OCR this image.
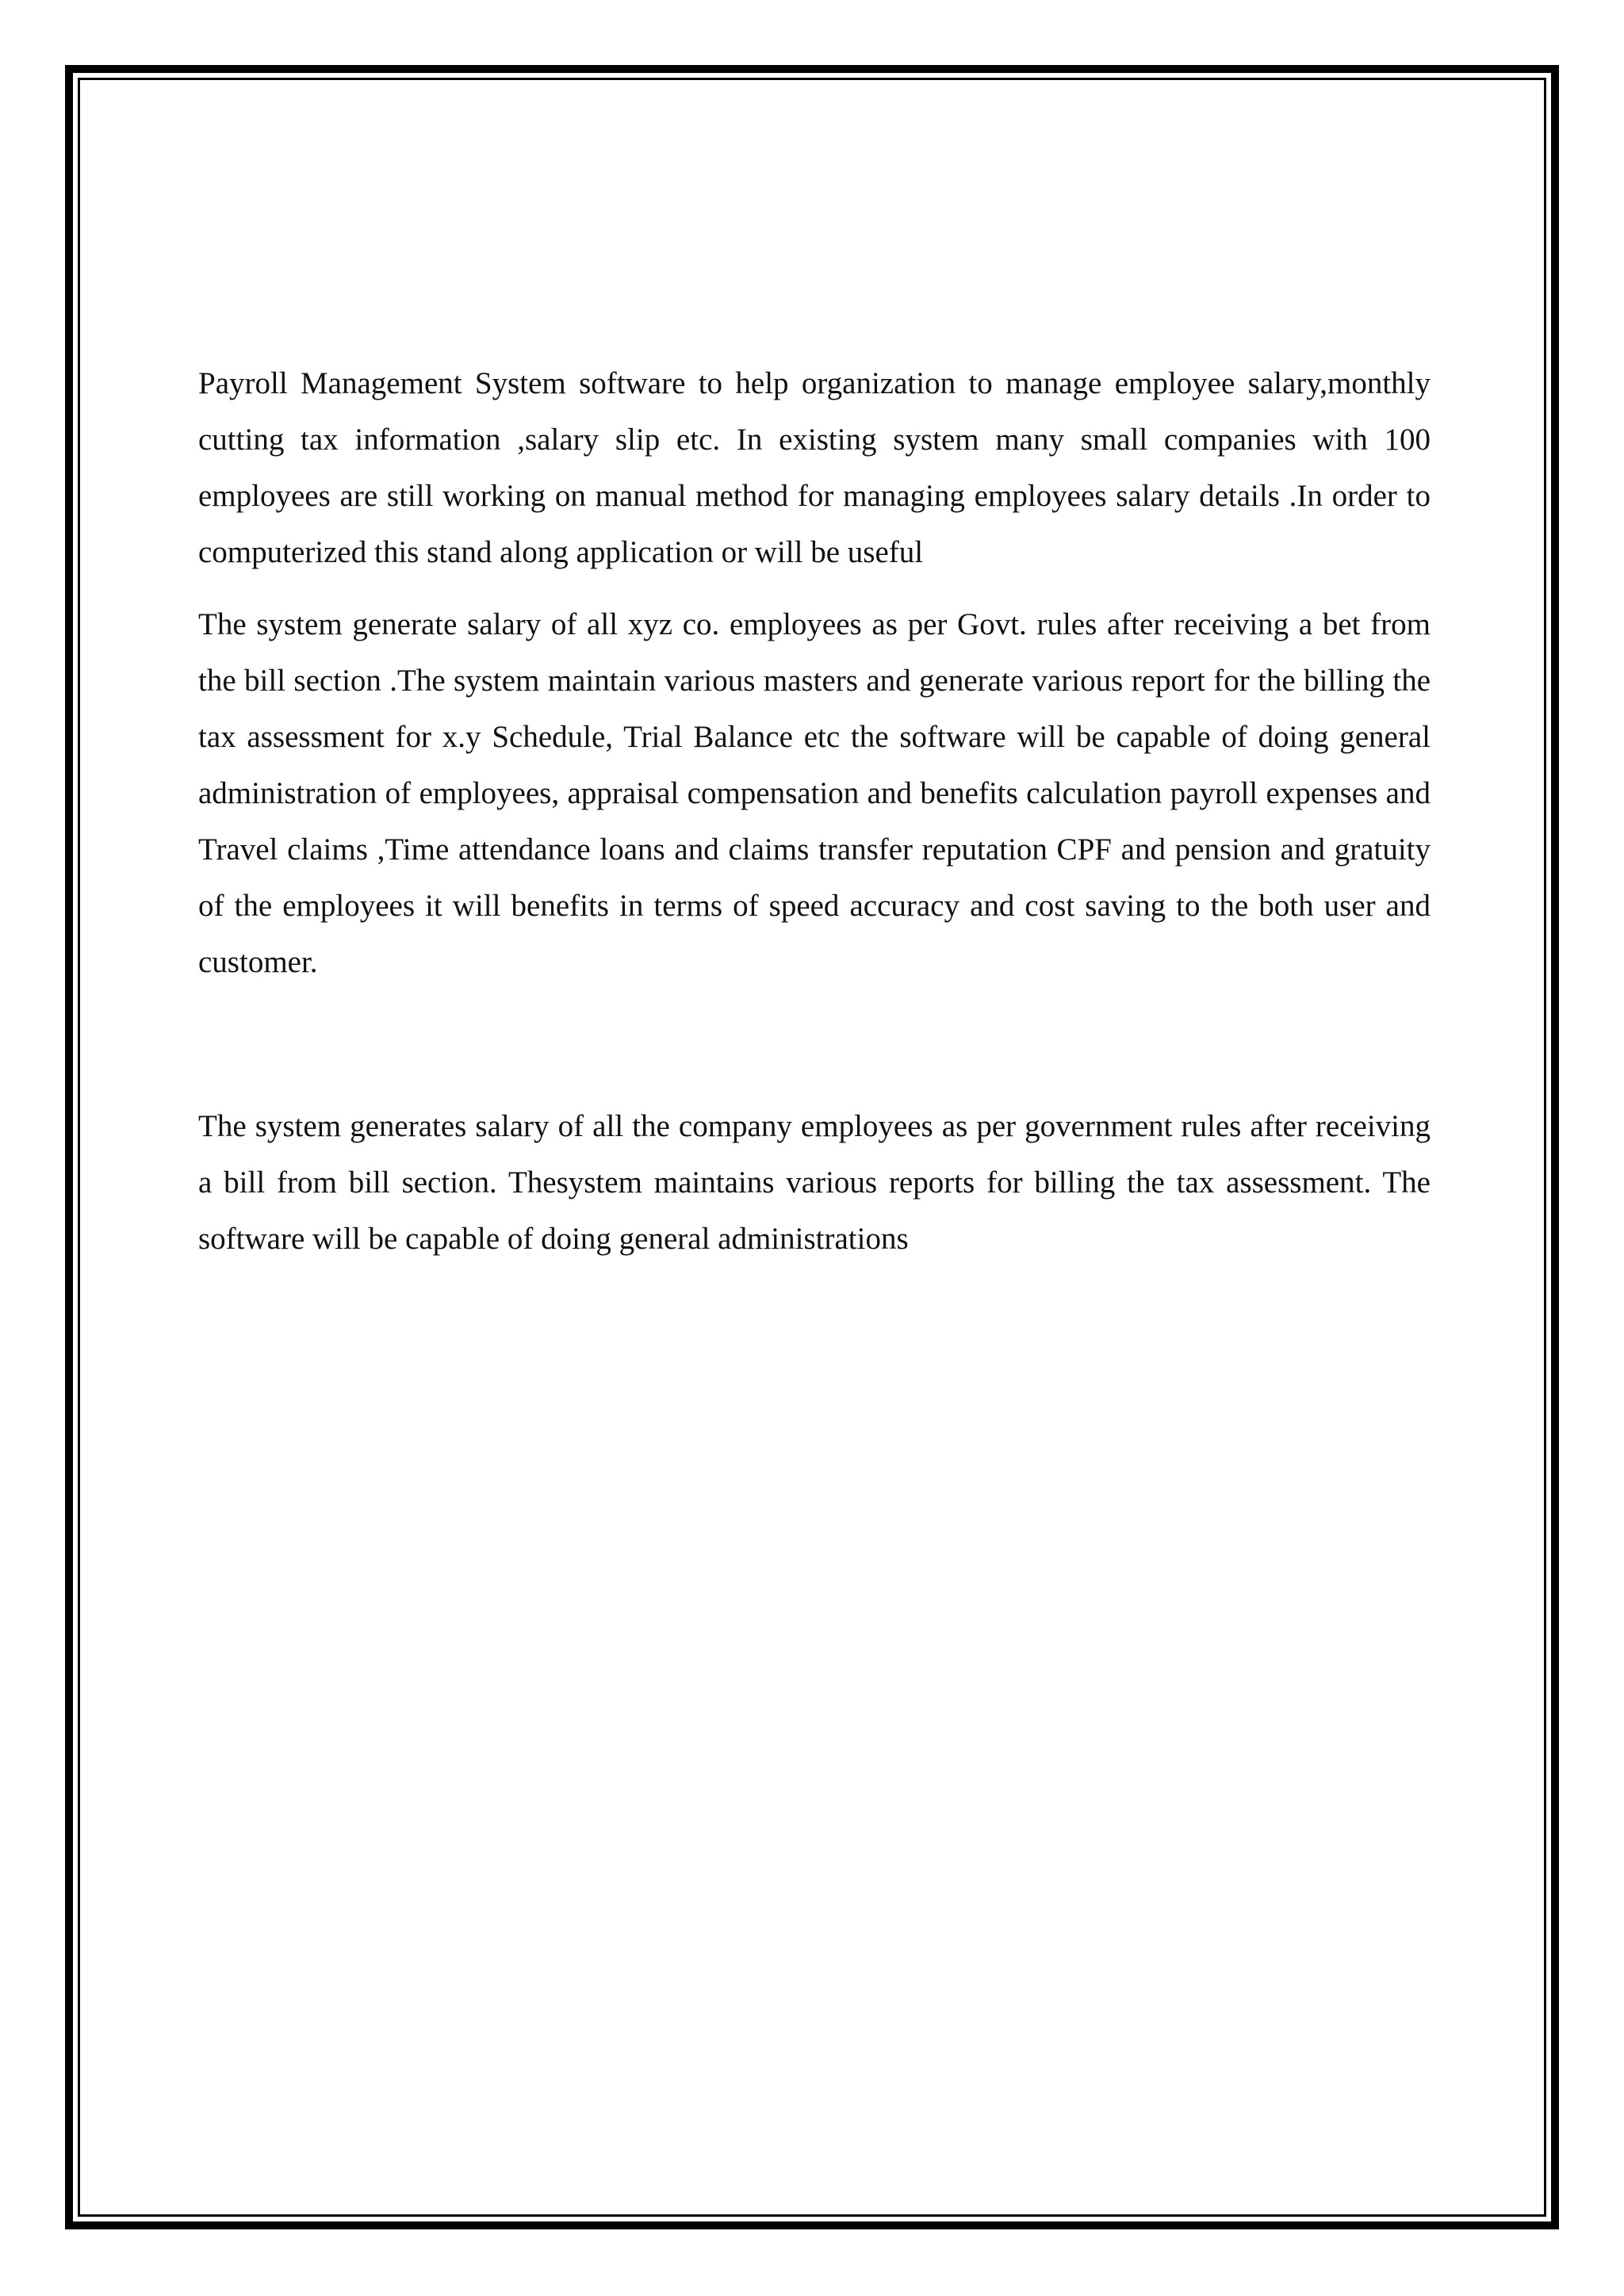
Payroll Management System software to help organization to manage employee salary,monthly cutting tax information ,salary slip etc. In existing system many small companies with 100 employees are still working on manual method for managing employees salary details .In order to computerized this stand along application or will be useful

The system generate salary of all xyz co. employees as per Govt. rules after receiving a bet from the bill section .The system maintain various masters and generate various report for the billing the tax assessment for x.y Schedule, Trial Balance etc the software will be capable of doing general administration of employees, appraisal compensation and benefits calculation payroll expenses and Travel claims ,Time attendance loans and claims transfer reputation CPF and pension and gratuity of the employees it will benefits in terms of speed accuracy and cost saving to the both user and customer.

The system generates salary of all the company employees as per government rules after receiving a bill from bill section. Thesystem maintains various reports for billing the tax assessment. The software will be capable of doing general administrations
